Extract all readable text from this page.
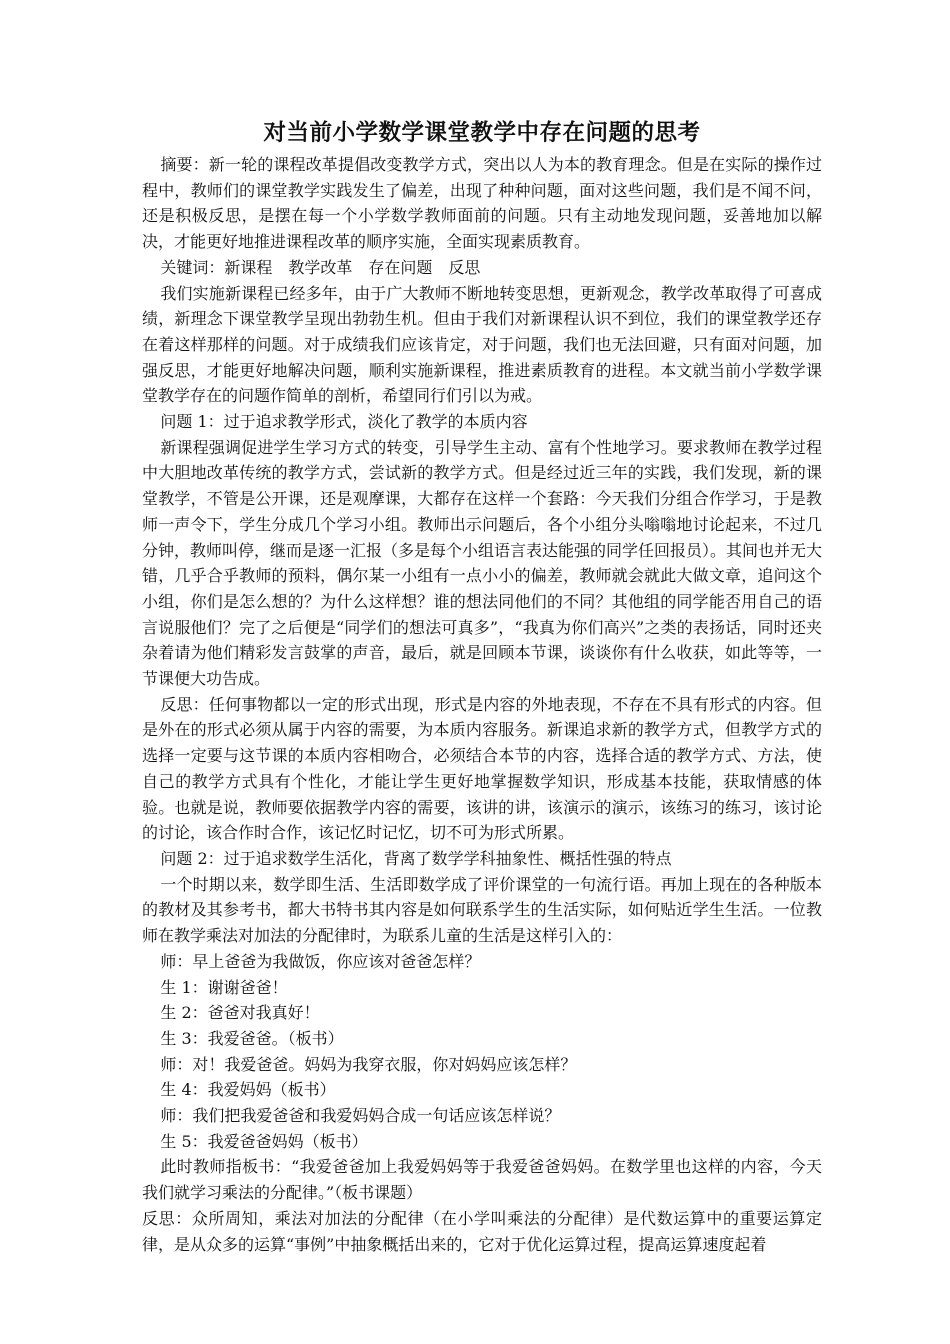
对当前小学数学课堂教学中存在问题的思考

摘要：新一轮的课程改革提倡改变教学方式，突出以人为本的教育理念。但是在实际的操作过程中，教师们的课堂教学实践发生了偏差，出现了种种问题，面对这些问题，我们是不闻不问，还是积极反思，是摆在每一个小学数学教师面前的问题。只有主动地发现问题，妥善地加以解决，才能更好地推进课程改革的顺序实施，全面实现素质教育。

关键词：新课程　教学改革　存在问题　反思

我们实施新课程已经多年，由于广大教师不断地转变思想，更新观念，教学改革取得了可喜成绩，新理念下课堂教学呈现出勃勃生机。但由于我们对新课程认识不到位，我们的课堂教学还存在着这样那样的问题。对于成绩我们应该肯定，对于问题，我们也无法回避，只有面对问题，加强反思，才能更好地解决问题，顺利实施新课程，推进素质教育的进程。本文就当前小学数学课堂教学存在的问题作简单的剖析，希望同行们引以为戒。

问题 1：过于追求教学形式，淡化了教学的本质内容

新课程强调促进学生学习方式的转变，引导学生主动、富有个性地学习。要求教师在教学过程中大胆地改革传统的教学方式，尝试新的教学方式。但是经过近三年的实践，我们发现，新的课堂教学，不管是公开课，还是观摩课，大都存在这样一个套路：今天我们分组合作学习，于是教师一声令下，学生分成几个学习小组。教师出示问题后，各个小组分头嗡嗡地讨论起来，不过几分钟，教师叫停，继而是逐一汇报（多是每个小组语言表达能强的同学任回报员）。其间也并无大错，几乎合乎教师的预料，偶尔某一小组有一点小小的偏差，教师就会就此大做文章，追问这个小组，你们是怎么想的？为什么这样想？谁的想法同他们的不同？其他组的同学能否用自己的语言说服他们？完了之后便是“同学们的想法可真多”，“我真为你们高兴”之类的表扬话，同时还夹杂着请为他们精彩发言鼓掌的声音，最后，就是回顾本节课，谈谈你有什么收获，如此等等，一节课便大功告成。

反思：任何事物都以一定的形式出现，形式是内容的外地表现，不存在不具有形式的内容。但是外在的形式必须从属于内容的需要，为本质内容服务。新课追求新的教学方式，但教学方式的选择一定要与这节课的本质内容相吻合，必须结合本节的内容，选择合适的教学方式、方法，使自己的教学方式具有个性化，才能让学生更好地掌握数学知识，形成基本技能，获取情感的体验。也就是说，教师要依据教学内容的需要，该讲的讲，该演示的演示，该练习的练习，该讨论的讨论，该合作时合作，该记忆时记忆，切不可为形式所累。

问题 2：过于追求数学生活化，背离了数学学科抽象性、概括性强的特点

一个时期以来，数学即生活、生活即数学成了评价课堂的一句流行语。再加上现在的各种版本的教材及其参考书，都大书特书其内容是如何联系学生的生活实际，如何贴近学生生活。一位教师在教学乘法对加法的分配律时，为联系儿童的生活是这样引入的：

师：早上爸爸为我做饭，你应该对爸爸怎样？

生 1：谢谢爸爸！

生 2：爸爸对我真好！

生 3：我爱爸爸。（板书）

师：对！我爱爸爸。妈妈为我穿衣服，你对妈妈应该怎样？

生 4：我爱妈妈（板书）

师：我们把我爱爸爸和我爱妈妈合成一句话应该怎样说？

生 5：我爱爸爸妈妈（板书）

此时教师指板书：“我爱爸爸加上我爱妈妈等于我爱爸爸妈妈。在数学里也这样的内容，今天我们就学习乘法的分配律。”（板书课题）

反思：众所周知，乘法对加法的分配律（在小学叫乘法的分配律）是代数运算中的重要运算定律，是从众多的运算“事例”中抽象概括出来的，它对于优化运算过程，提高运算速度起着
